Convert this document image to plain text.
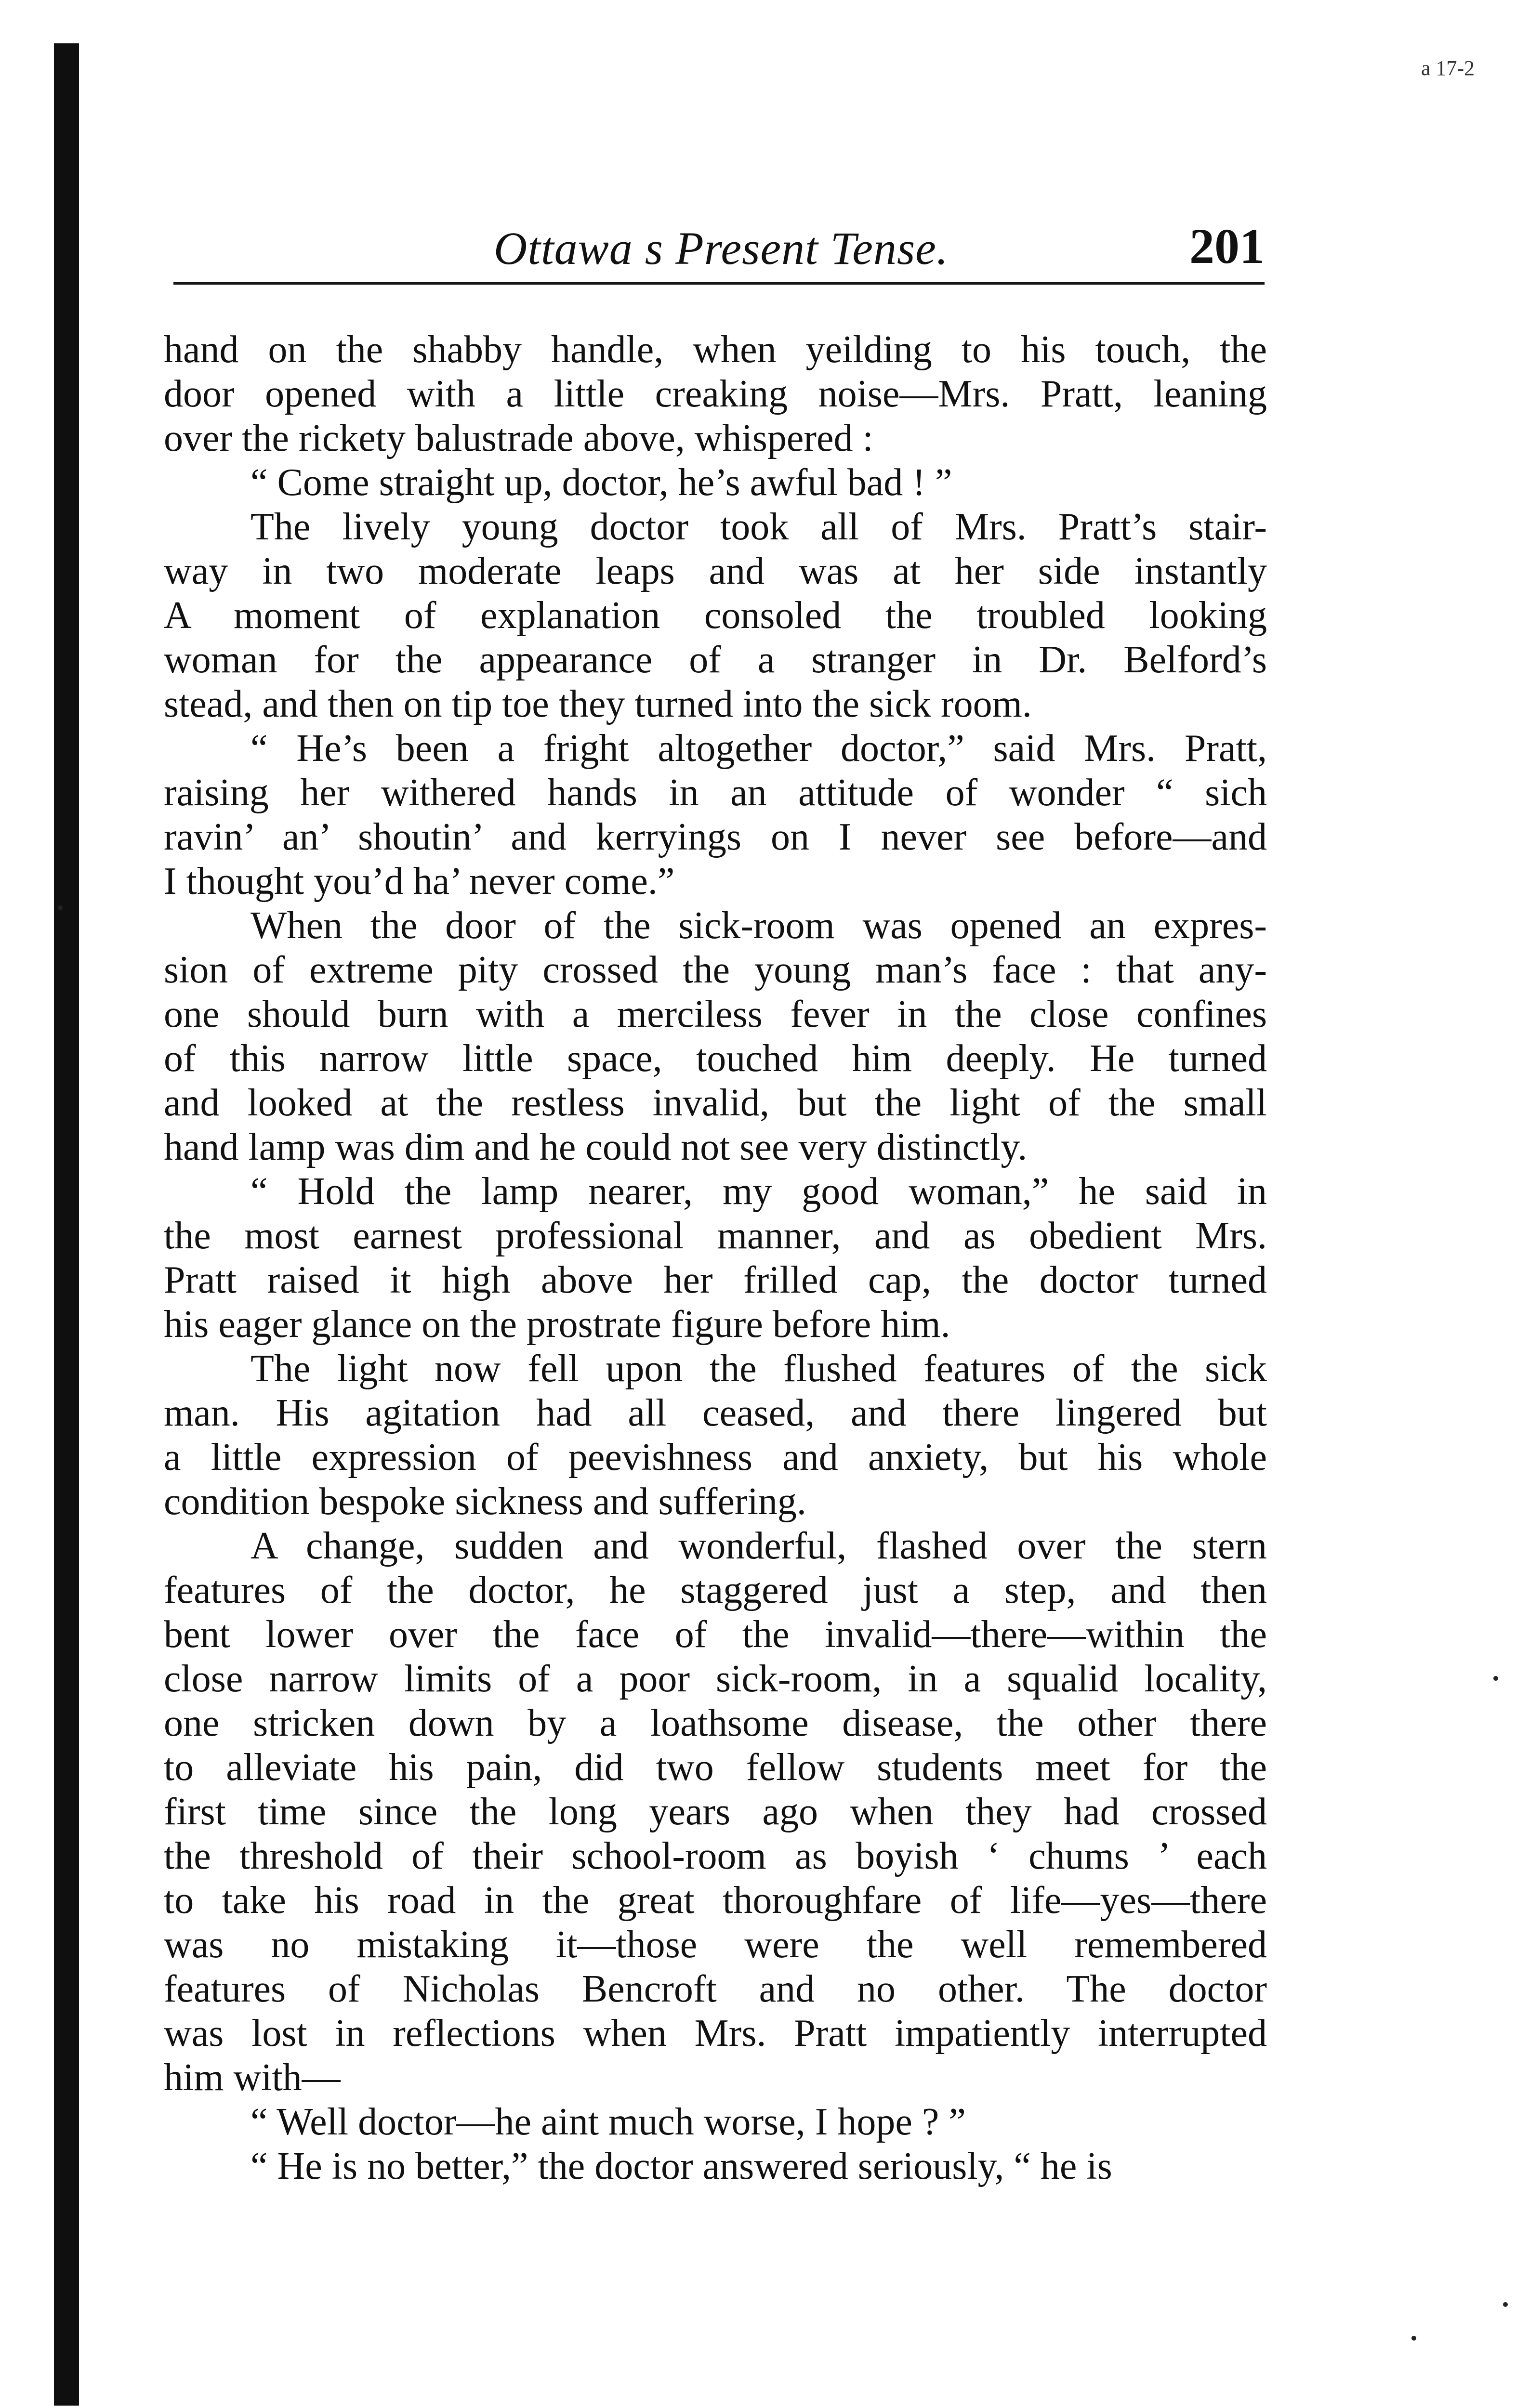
Ottawa s Present Tense.	201
hand on the shabby handle, when yeilding to his touch, the
door opened with a little creaking noise—Mrs. Pratt, leaning
over the rickety balustrade above, whispered :
“ Come straight up, doctor, he’s awful bad ! ”
The lively young doctor took all of Mrs. Pratt’s stair-
way in two moderate leaps and was at her side instantly
A moment of explanation consoled the troubled looking
woman for the appearance of a stranger in Dr. Belford’s
stead, and then on tip toe they turned into the sick room.
“ He’s been a fright altogether doctor,” said Mrs. Pratt,
raising her withered hands in an attitude of wonder “ sich
ravin’ an’ shoutin’ and kerryings on I never see before—and
I thought you’d ha’ never come.”
When the door of the sick-room was opened an expres-
sion of extreme pity crossed the young man’s face : that any-
one should burn with a merciless fever in the close confines
of this narrow little space, touched him deeply. He turned
and looked at the restless invalid, but the light of the small
hand lamp was dim and he could not see very distinctly.
“ Hold the lamp nearer, my good woman,” he said in
the most earnest professional manner, and as obedient Mrs.
Pratt raised it high above her frilled cap, the doctor turned
his eager glance on the prostrate figure before him.
The light now fell upon the flushed features of the sick
man. His agitation had all ceased, and there lingered but
a little expression of peevishness and anxiety, but his whole
condition bespoke sickness and suffering.
A change, sudden and wonderful, flashed over the stern
features of the doctor, he staggered just a step, and then
bent lower over the face of the invalid—there—within the
close narrow limits of a poor sick-room, in a squalid locality,
one stricken down by a loathsome disease, the other there
to alleviate his pain, did two fellow students meet for the
first time since the long years ago when they had crossed
the threshold of their school-room as boyish ‘ chums ’ each
to take his road in the great thoroughfare of life—yes—there
was no mistaking it—those were the well remembered
features of Nicholas Bencroft and no other. The doctor
was lost in reflections when Mrs. Pratt impatiently interrupted
him with—
“ Well doctor—he aint much worse, I hope ? ”
“ He is no better,” the doctor answered seriously, “ he is
a 17-2
